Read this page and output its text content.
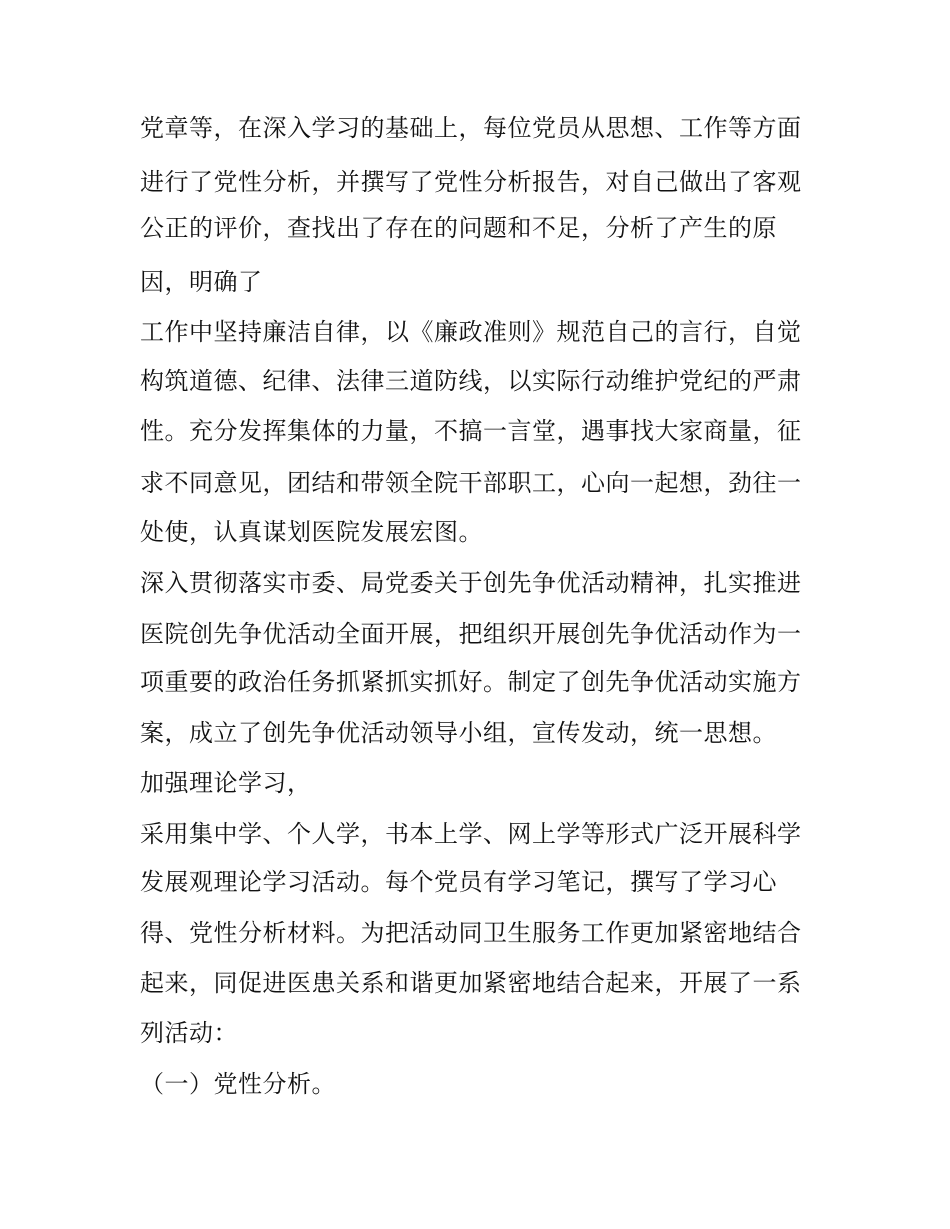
党章等，在深入学习的基础上，每位党员从思想、工作等方面
进行了党性分析，并撰写了党性分析报告，对自己做出了客观
公正的评价，查找出了存在的问题和不足，分析了产生的原
因，明确了
工作中坚持廉洁自律，以《廉政准则》规范自己的言行，自觉
构筑道德、纪律、法律三道防线，以实际行动维护党纪的严肃
性。充分发挥集体的力量，不搞一言堂，遇事找大家商量，征
求不同意见，团结和带领全院干部职工，心向一起想，劲往一
处使，认真谋划医院发展宏图。
深入贯彻落实市委、局党委关于创先争优活动精神，扎实推进
医院创先争优活动全面开展，把组织开展创先争优活动作为一
项重要的政治任务抓紧抓实抓好。制定了创先争优活动实施方
案，成立了创先争优活动领导小组，宣传发动，统一思想。
加强理论学习，
采用集中学、个人学，书本上学、网上学等形式广泛开展科学
发展观理论学习活动。每个党员有学习笔记，撰写了学习心
得、党性分析材料。为把活动同卫生服务工作更加紧密地结合
起来，同促进医患关系和谐更加紧密地结合起来，开展了一系
列活动：
（一）党性分析。
